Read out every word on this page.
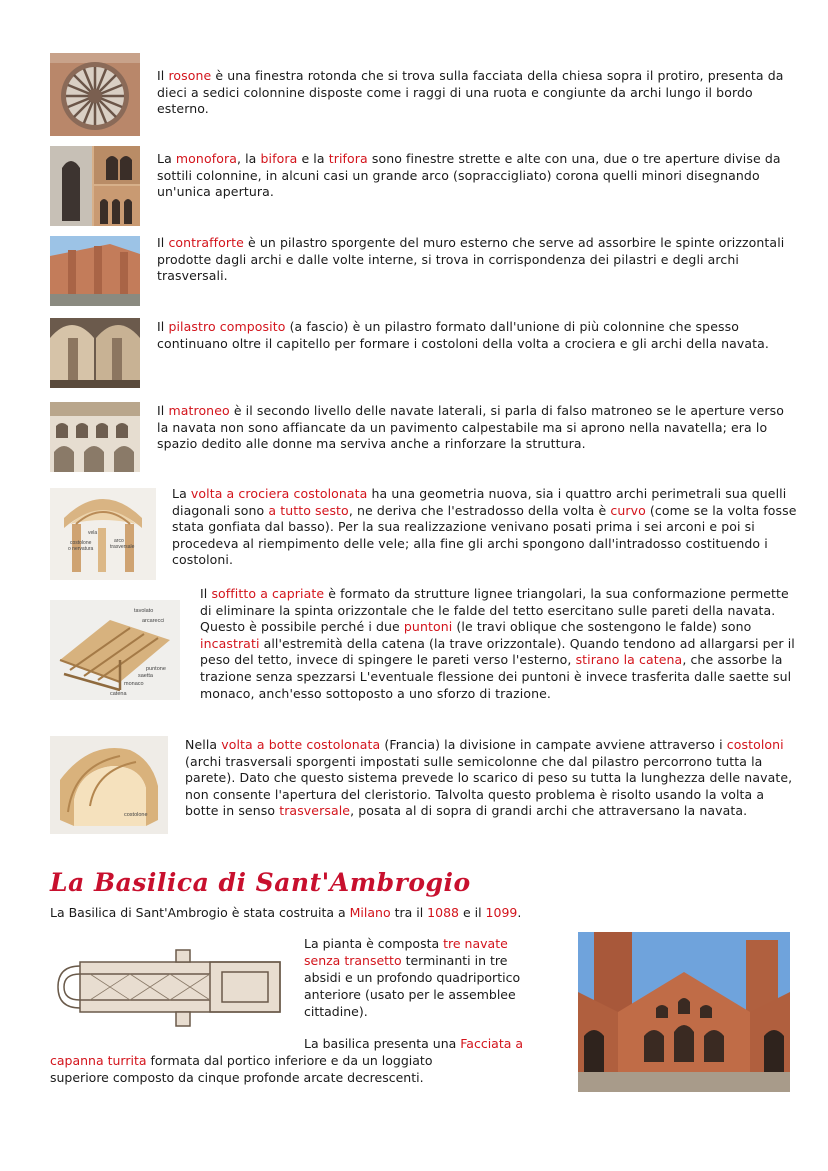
vela
costolone
o nervatura
arco
trasversale
tavolato
arcarecci
puntone
saetta
monaco
catena
costolone
Il rosone è una finestra rotonda che si trova sulla facciata della chiesa sopra il protiro, presenta da dieci a sedici colonnine disposte come i raggi di una ruota e congiunte da archi lungo il bordo esterno.
La monofora, la bifora e la trifora sono finestre strette e alte con una, due o tre aperture divise da sottili colonnine, in alcuni casi un grande arco (sopraccigliato) corona quelli minori disegnando un'unica apertura.
Il contrafforte è un pilastro sporgente del muro esterno che serve ad assorbire le spinte orizzontali prodotte dagli archi e dalle volte interne, si trova in corrispondenza dei pilastri e degli archi trasversali.
Il pilastro composito (a fascio) è un pilastro formato dall'unione di più colonnine che spesso continuano oltre il capitello per formare i costoloni della volta a crociera e gli archi della navata.
Il matroneo è il secondo livello delle navate laterali, si parla di falso matroneo se le aperture verso la navata non sono affiancate da un pavimento calpestabile ma si aprono nella navatella; era lo spazio dedito alle donne ma serviva anche a rinforzare la struttura.
La volta a crociera costolonata ha una geometria nuova, sia i quattro archi perimetrali sua quelli diagonali sono a tutto sesto, ne deriva che l'estradosso della volta è curvo (come se la volta fosse stata gonfiata dal basso). Per la sua realizzazione venivano posati prima i sei arconi e poi si procedeva al riempimento delle vele; alla fine gli archi spongono dall'intradosso costituendo i costoloni.
Il soffitto a capriate è formato da strutture lignee triangolari, la sua conformazione permette di eliminare la spinta orizzontale che le falde del tetto esercitano sulle pareti della navata. Questo è possibile perché i due puntoni (le travi oblique che sostengono le falde) sono incastrati all'estremità della catena (la trave orizzontale). Quando tendono ad allargarsi per il peso del tetto, invece di spingere le pareti verso l'esterno, stirano la catena, che assorbe la trazione senza spezzarsi L'eventuale flessione dei puntoni è invece trasferita dalle saette sul monaco, anch'esso sottoposto a uno sforzo di trazione.
Nella volta a botte costolonata (Francia) la divisione in campate avviene attraverso i costoloni (archi trasversali sporgenti impostati sulle semicolonne che dal pilastro percorrono tutta la parete). Dato che questo sistema prevede lo scarico di peso su tutta la lunghezza delle navate, non consente l'apertura del cleristorio. Talvolta questo problema è risolto usando la volta a botte in senso trasversale, posata al di sopra di grandi archi che attraversano la navata.
La Basilica di Sant'Ambrogio
La Basilica di Sant'Ambrogio è stata costruita a Milano tra il 1088 e il 1099.
La pianta è composta tre navate
senza transetto terminanti in tre
absidi e un profondo quadriportico
anteriore (usato per le assemblee
cittadine).
La basilica presenta una Facciata a
capanna turrita formata dal portico inferiore e da un loggiato
superiore composto da cinque profonde arcate decrescenti.
